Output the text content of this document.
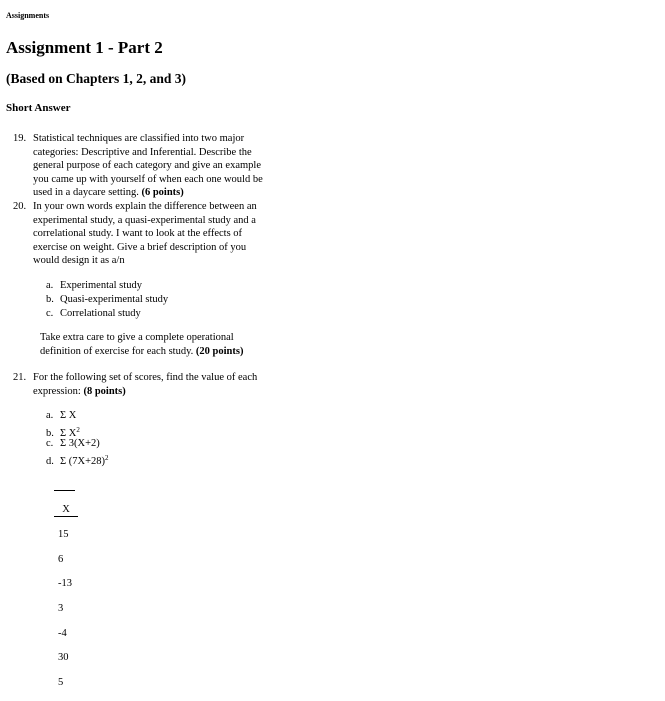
Assignments
Assignment 1 - Part 2
(Based on Chapters 1, 2, and 3)
Short Answer
19. Statistical techniques are classified into two major
categories: Descriptive and Inferential. Describe the
general purpose of each category and give an example
you came up with yourself of when each one would be
used in a daycare setting. (6 points)
20. In your own words explain the difference between an
experimental study, a quasi-experimental study and a
correlational study. I want to look at the effects of
exercise on weight. Give a brief description of you
would design it as a/n
a. Experimental study
b. Quasi-experimental study
c. Correlational study
Take extra care to give a complete operational
definition of exercise for each study. (20 points)
21. For the following set of scores, find the value of each
expression: (8 points)
a. Σ X
b. Σ $X^2$
c. Σ 3(X+2)
d. Σ $(7X+28)^2$
X
15
6
-13
3
-4
30
5
